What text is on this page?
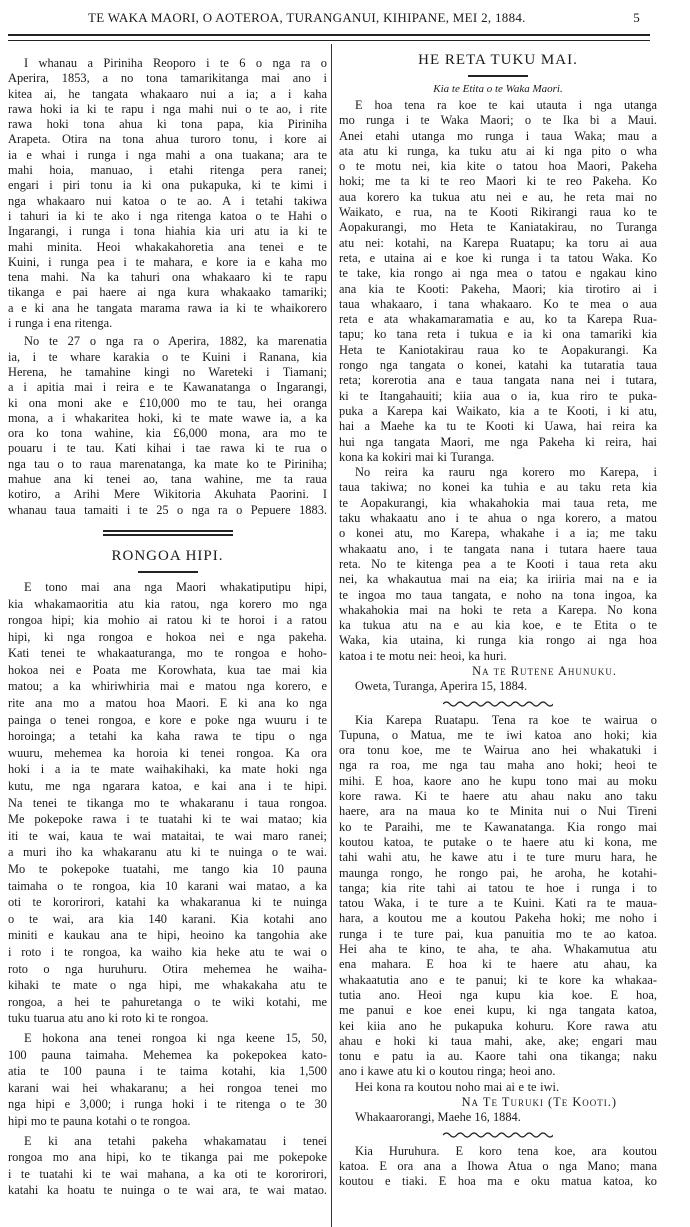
TE WAKA MAORI, O AOTEROA, TURANGANUI, KIHIPANE, MEI 2, 1884.	5
I whanau a Piriniha Reoporo i te 6 o nga ra o
Aperira, 1853, a no tona tamarikitanga mai ano i
kitea ai, he tangata whakaaro nui a ia; a i kaha
rawa hoki ia ki te rapu i nga mahi nui o te ao, i rite
rawa hoki tona ahua ki tona papa, kia Piriniha
Arapeta. Otira na tona ahua turoro tonu, i kore ai
ia e whai i runga i nga mahi a ona tuakana; ara te
mahi hoia, manuao, i etahi ritenga pera ranei;
engari i piri tonu ia ki ona pukapuka, ki te kimi i
nga whakaaro nui katoa o te ao. A i tetahi takiwa
i tahuri ia ki te ako i nga ritenga katoa o te Hahi o
Ingarangi, i runga i tona hiahia kia uri atu ia ki te
mahi minita. Heoi whakakahoretia ana tenei e te
Kuini, i runga pea i te mahara, e kore ia e kaha mo
tena mahi. Na ka tahuri ona whakaaro ki te rapu
tikanga e pai haere ai nga kura whakaako tamariki;
a e ki ana he tangata marama rawa ia ki te whaikorero
i runga i ena ritenga.
No te 27 o nga ra o Aperira, 1882, ka marenatia
ia, i te whare karakia o te Kuini i Ranana, kia
Herena, he tamahine kingi no Wareteki i Tiamani;
a i apitia mai i reira e te Kawanatanga o Ingarangi,
ki ona moni ake e £10,000 mo te tau, hei oranga
mona, a i whakaritea hoki, ki te mate wawe ia, a ka
ora ko tona wahine, kia £6,000 mona, ara mo te
pouaru i te tau. Kati kihai i tae rawa ki te rua o
nga tau o to raua marenatanga, ka mate ko te Piriniha;
mahue ana ki tenei ao, tana wahine, me ta raua
kotiro, a Arihi Mere Wikitoria Akuhata Paorini. I
whanau taua tamaiti i te 25 o nga ra o Pepuere 1883.
RONGOA HIPI.
E tono mai ana nga Maori whakatiputipu hipi,
kia whakamaoritia atu kia ratou, nga korero mo nga
rongoa hipi; kia mohio ai ratou ki te horoi i a ratou
hipi, ki nga rongoa e hokoa nei e nga pakeha.
Kati tenei te whakaaturanga, mo te rongoa e hoho-
hokoa nei e Poata me Korowhata, kua tae mai kia
matou; a ka whiriwhiria mai e matou nga korero, e
rite ana mo a matou hoa Maori. E ki ana ko nga
painga o tenei rongoa, e kore e poke nga wuuru i te
horoinga; a tetahi ka kaha rawa te tipu o nga
wuuru, mehemea ka horoia ki tenei rongoa. Ka ora
hoki i a ia te mate waihakihaki, ka mate hoki nga
kutu, me nga ngarara katoa, e kai ana i te hipi.
Na tenei te tikanga mo te whakaranu i taua rongoa.
Me pokepoke rawa i te tuatahi ki te wai matao; kia
iti te wai, kaua te wai mataitai, te wai maro ranei;
a muri iho ka whakaranu atu ki te nuinga o te wai.
Mo te pokepoke tuatahi, me tango kia 10 pauna
taimaha o te rongoa, kia 10 karani wai matao, a ka
oti te kororirori, katahi ka whakaranua ki te nuinga
o te wai, ara kia 140 karani. Kia kotahi ano
miniti e kaukau ana te hipi, heoino ka tangohia ake
i roto i te rongoa, ka waiho kia heke atu te wai o
roto o nga huruhuru. Otira mehemea he waiha-
kihaki te mate o nga hipi, me whakakaha atu te
rongoa, a hei te pahuretanga o te wiki kotahi, me
tuku tuarua atu ano ki roto ki te rongoa.
E hokona ana tenei rongoa ki nga keene 15, 50,
100 pauna taimaha. Mehemea ka pokepokea kato-
atia te 100 pauna i te taima kotahi, kia 1,500
karani wai hei whakaranu; a hei rongoa tenei mo
nga hipi e 3,000; i runga hoki i te ritenga o te 30
hipi mo te pauna kotahi o te rongoa.
E ki ana tetahi pakeha whakamatau i tenei
rongoa mo ana hipi, ko te tikanga pai me pokepoke
i te tuatahi ki te wai mahana, a ka oti te kororirori,
katahi ka hoatu te nuinga o te wai ara, te wai matao.
HE RETA TUKU MAI.
Kia te Etita o te Waka Maori.
E hoa tena ra koe te kai utauta i nga utanga
mo runga i te Waka Maori; o te Ika bi a Maui.
Anei etahi utanga mo runga i taua Waka; mau a
ata atu ki runga, ka tuku atu ai ki nga pito o wha
o te motu nei, kia kite o tatou hoa Maori, Pakeha
hoki; me ta ki te reo Maori ki te reo Pakeha. Ko
aua korero ka tukua atu nei e au, he reta mai no
Waikato, e rua, na te Kooti Rikirangi raua ko te
Aopakurangi, mo Heta te Kaniatakirau, no Turanga
atu nei: kotahi, na Karepa Ruatapu; ka toru ai aua
reta, e utaina ai e koe ki runga i ta tatou Waka. Ko
te take, kia rongo ai nga mea o tatou e ngakau kino
ana kia te Kooti: Pakeha, Maori; kia tirotiro ai i
taua whakaaro, i tana whakaaro. Ko te mea o aua
reta e ata whakamaramatia e au, ko ta Karepa Rua-
tapu; ko tana reta i tukua e ia ki ona tamariki kia
Heta te Kaniotakirau raua ko te Aopakurangi. Ka
rongo nga tangata o konei, katahi ka tutaratia taua
reta; korerotia ana e taua tangata nana nei i tutara,
ki te Itangahauiti; kiia aua o ia, kua riro te puka-
puka a Karepa kai Waikato, kia a te Kooti, i ki atu,
hai a Maehe ka tu te Kooti ki Uawa, hai reira ka
hui nga tangata Maori, me nga Pakeha ki reira, hai
kona ka kokiri mai ki Turanga.
No reira ka rauru nga korero mo Karepa, i
taua takiwa; no konei ka tuhia e au taku reta kia
te Aopakurangi, kia whakahokia mai taua reta, me
taku whakaatu ano i te ahua o nga korero, a matou
o konei atu, mo Karepa, whakahe i a ia; me taku
whakaatu ano, i te tangata nana i tutara haere taua
reta. No te kitenga pea a te Kooti i taua reta aku
nei, ka whakautua mai na eia; ka iriiria mai na e ia
te ingoa mo taua tangata, e noho na tona ingoa, ka
whakahokia mai na hoki te reta a Karepa. No kona
ka tukua atu na e au kia koe, e te Etita o te
Waka, kia utaina, ki runga kia rongo ai nga hoa
katoa i te motu nei: heoi, ka huri.
Na te Rutene Ahunuku.
Oweta, Turanga, Aperira 15, 1884.
Kia Karepa Ruatapu. Tena ra koe te wairua o
Tupuna, o Matua, me te iwi katoa ano hoki; kia
ora tonu koe, me te Wairua ano hei whakatuki i
nga ra roa, me nga tau maha ano hoki; heoi te
mihi. E hoa, kaore ano he kupu tono mai au moku
kore rawa. Ki te haere atu ahau naku ano taku
haere, ara na maua ko te Minita nui o Nui Tireni
ko te Paraihi, me te Kawanatanga. Kia rongo mai
koutou katoa, te putake o te haere atu ki kona, me
tahi wahi atu, he kawe atu i te ture muru hara, he
maunga rongo, he rongo pai, he aroha, he kotahi-
tanga; kia rite tahi ai tatou te hoe i runga i to
tatou Waka, i te ture a te Kuini. Kati ra te maua-
hara, a koutou me a koutou Pakeha hoki; me noho i
runga i te ture pai, kua panuitia mo te ao katoa.
Hei aha te kino, te aha, te aha. Whakamutua atu
ena mahara. E hoa ki te haere atu ahau, ka
whakaatutia ano e te panui; ki te kore ka whakaa-
tutia ano. Heoi nga kupu kia koe. E hoa,
me panui e koe enei kupu, ki nga tangata katoa,
kei kiia ano he pukapuka kohuru. Kore rawa atu
ahau e hoki ki taua mahi, ake, ake; engari mau
tonu e patu ia au. Kaore tahi ona tikanga; naku
ano i kawe atu ki o koutou ringa; heoi ano.
Hei kona ra koutou noho mai ai e te iwi.
Na Te Turuki (Te Kooti.)
Whakaarorangi, Maehe 16, 1884.
Kia Huruhura. E koro tena koe, ara koutou
katoa. E ora ana a Ihowa Atua o nga Mano; mana
koutou e tiaki. E hoa ma e oku matua katoa, ko
